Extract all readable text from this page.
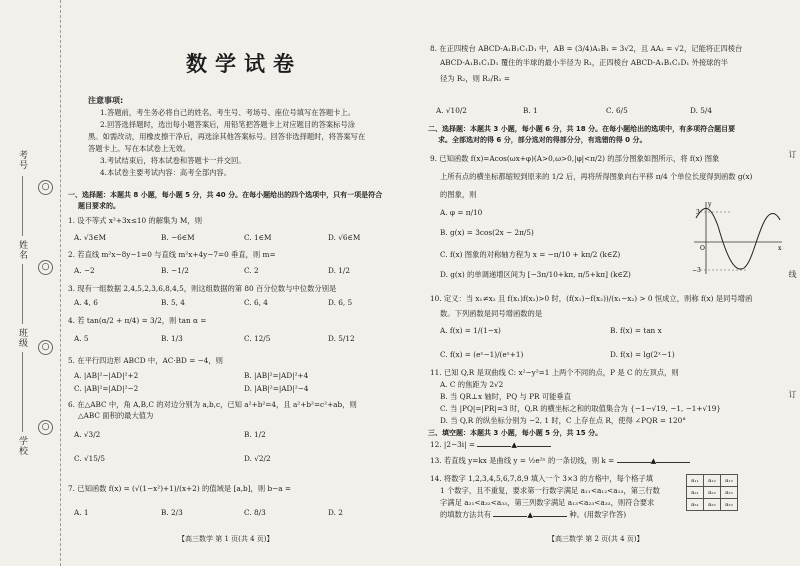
考号
姓名
班级
学校
○
○
○
○
数学试卷
注意事项:
1.答题前，考生务必将自己的姓名、考生号、考场号、座位号填写在答题卡上。
2.回答选择题时，选出每小题答案后，用铅笔把答题卡上对应题目的答案标号涂
黑。如需改动，用橡皮擦干净后，再选涂其他答案标号。回答非选择题时，将答案写在
答题卡上。写在本试卷上无效。
3.考试结束后，将本试卷和答题卡一并交回。
4.本试卷主要考试内容：高考全部内容。
一、选择题：本题共 8 小题，每小题 5 分，共 40 分。在每小题给出的四个选项中，只有一项是符合
题目要求的。
1. 设不等式 x²+3x≤10 的解集为 M，则
A. √3∈M	B. −6∈M	C. 1∈M	D. √6∈M
2. 若直线 m²x−8y−1=0 与直线 m²x+4y−7=0 垂直，则 m=
A. −2	B. −1/2	C. 2	D. 1/2
3. 现有一组数据 2,4,5,2,3,6,8,4,5，则这组数据的第 80 百分位数与中位数分别是
A. 4, 6	B. 5, 4	C. 6, 4	D. 6, 5
4. 若 tan(α/2 + π/4) = 3/2，则 tan α =
A. 5	B. 1/3	C. 12/5	D. 5/12
5. 在平行四边形 ABCD 中，AC·BD = −4，则
A. |AB|²−|AD|²+2	B. |AB|²=|AD|²+4
C. |AB|²=|AD|²−2	D. |AB|²=|AD|²−4
6. 在△ABC 中，角 A,B,C 的对边分别为 a,b,c，已知 a²+b²=4，且 a²+b²=c²+ab，则
△ABC 面积的最大值为
A. √3/2	B. 1/2
C. √15/5	D. √2/2
7. 已知函数 f(x) = (√(1−x²)+1)/(x+2) 的值域是 [a,b]，则 b−a =
A. 1	B. 2/3	C. 8/3	D. 2
【高三数学 第 1 页(共 4 页)】
8. 在正四棱台 ABCD-A₁B₁C₁D₁ 中，AB = (3/4)A₁B₁ = 3√2，且 AA₁ = √2，记能将正四棱台
ABCD-A₁B₁C₁D₁ 覆住的半球的最小半径为 R₁，正四棱台 ABCD-A₁B₁C₁D₁ 外接球的半
径为 R₂，则 R₂/R₁ =
A. √10/2	B. 1	C. 6/5	D. 5/4
二、选择题：本题共 3 小题，每小题 6 分，共 18 分。在每小题给出的选项中，有多项符合题目要
求。全部选对的得 6 分，部分选对的得部分分，有选错的得 0 分。
9. 已知函数 f(x)=Acos(ωx+φ)(A>0,ω>0,|φ|<π/2) 的部分图象如图所示，将 f(x) 图象
上所有点的横坐标都缩短到原来的 1/2 后，再将所得图象向右平移 π/4 个单位长度得到函数 g(x)
的图象，则
A. φ = π/10
B. g(x) = 3cos(2x − 2π/5)
C. f(x) 图象的对称轴方程为 x = −π/10 + kπ/2 (k∈Z)
D. g(x) 的单调递增区间为 [−3π/10+kπ, π/5+kπ] (k∈Z)
y
3
O	x
−3
10. 定义：当 x₁≠x₂ 且 f(x₁)f(x₂)>0 时，(f(x₁)−f(x₂))/(x₁−x₂) > 0 恒成立，则称 f(x) 是同号增函
数。下列函数是同号增函数的是
A. f(x) = 1/(1−x)	B. f(x) = tan x
C. f(x) = (eˣ−1)/(eˣ+1)	D. f(x) = lg(2ˣ−1)
11. 已知 Q,R 是双曲线 C: x²−y²=1 上两个不同的点，P 是 C 的左顶点，则
A. C 的焦距为 2√2
B. 当 QR⊥x 轴时，PQ 与 PR 可能垂直
C. 当 |PQ|=|PR|=3 时，Q,R 的横坐标之和的取值集合为 {−1−√19, −1, −1+√19}
D. 当 Q,R 的纵坐标分别为 −2, 1 时，C 上存在点 R，使得 ∠PQR = 120°
三、填空题：本题共 3 小题，每小题 5 分，共 15 分。
12. |2−3i| =	▲
13. 若直线 y=kx 是曲线 y = ½e²ˣ 的一条切线，则 k =	▲
14. 将数字 1,2,3,4,5,6,7,8,9 填入一个 3×3 的方格中，每个格子填
1 个数字，且不重复，要求第一行数字满足 a₁₁<a₁₂<a₁₃，第三行数
字满足 a₃₁<a₃₂<a₃₃，第三列数字满足 a₁₃<a₂₃<a₃₃，则符合要求
的填数方法共有	▲	种。(用数字作答)
【高三数学 第 2 页(共 4 页)】
a₁₁	a₁₂	a₁₃
a₂₁	a₂₂	a₂₃
a₃₁	a₃₂	a₃₃
订
线
订
